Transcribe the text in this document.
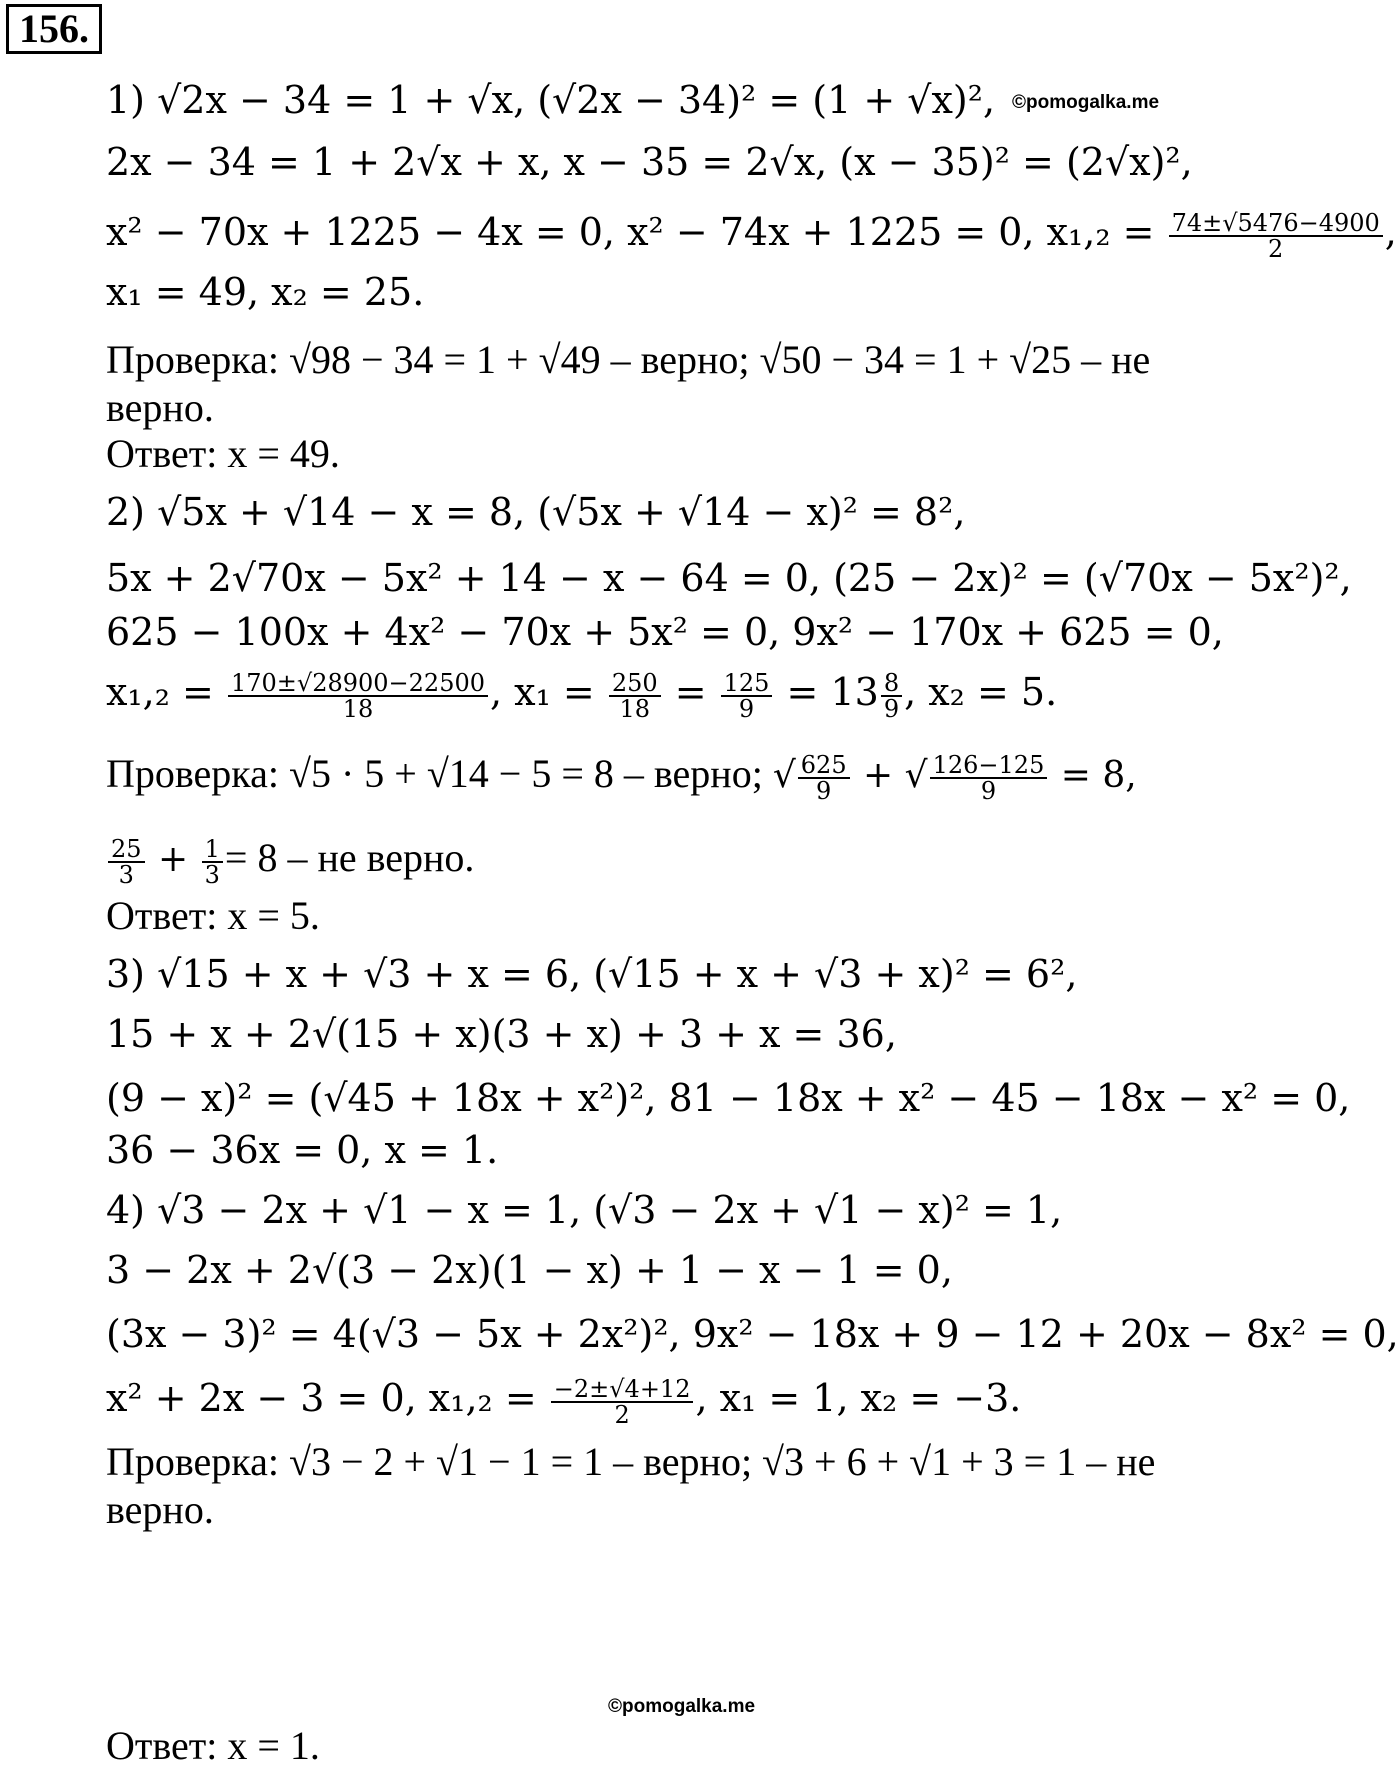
156.
©pomogalka.me
©pomogalka.me
1) √2x − 34 = 1 + √x, (√2x − 34)² = (1 + √x)²,
2x − 34 = 1 + 2√x + x, x − 35 = 2√x, (x − 35)² = (2√x)²,
x² − 70x + 1225 − 4x = 0, x² − 74x + 1225 = 0, $x_1,_2 = \frac{74\pm√5476-4900}{2}$ ,
x₁ = 49, x₂ = 25.
Проверка: √98 − 34 = 1 + √49 – верно; √50 − 34 = 1 + √25 – не
верно.
Ответ: x = 49.
2) √5x + √14 − x = 8, (√5x + √14 − x)² = 8²,
5x + 2√70x − 5x² + 14 − x − 64 = 0, (25 − 2x)² = (√70x − 5x²)²,
625 − 100x + 4x² − 70x + 5x² = 0, 9x² − 170x + 625 = 0,
$x_1,_2 = \frac{170\pm√28900-22500}{18}$ , $x_1 = \frac{250}{18} = \frac{125}{9} = 13 \frac{8}{9}$ , x₂ = 5.
Проверка: √5 · 5 + √14 − 5 = 8 – верно; √ $\frac{625}{9}$ + √ $\frac{126-125}{9} = 8$,
$\frac{25}{3} + \frac{1}{3} = 8$ – не верно.
Ответ: x = 5.
3) √15 + x + √3 + x = 6, (√15 + x + √3 + x)² = 6²,
15 + x + 2√(15 + x)(3 + x) + 3 + x = 36,
(9 − x)² = (√45 + 18x + x²)², 81 − 18x + x² − 45 − 18x − x² = 0,
36 − 36x = 0, x = 1.
4) √3 − 2x + √1 − x = 1, (√3 − 2x + √1 − x)² = 1,
3 − 2x + 2√(3 − 2x)(1 − x) + 1 − x − 1 = 0,
(3x − 3)² = 4(√3 − 5x + 2x²)², 9x² − 18x + 9 − 12 + 20x − 8x² = 0,
x² + 2x − 3 = 0, $x_1,_2 = \frac{-2\pm√4+12}{2}$ , x₁ = 1, x₂ = −3.
Проверка: √3 − 2 + √1 − 1 = 1 – верно; √3 + 6 + √1 + 3 = 1 – не
верно.
Ответ: x = 1.
